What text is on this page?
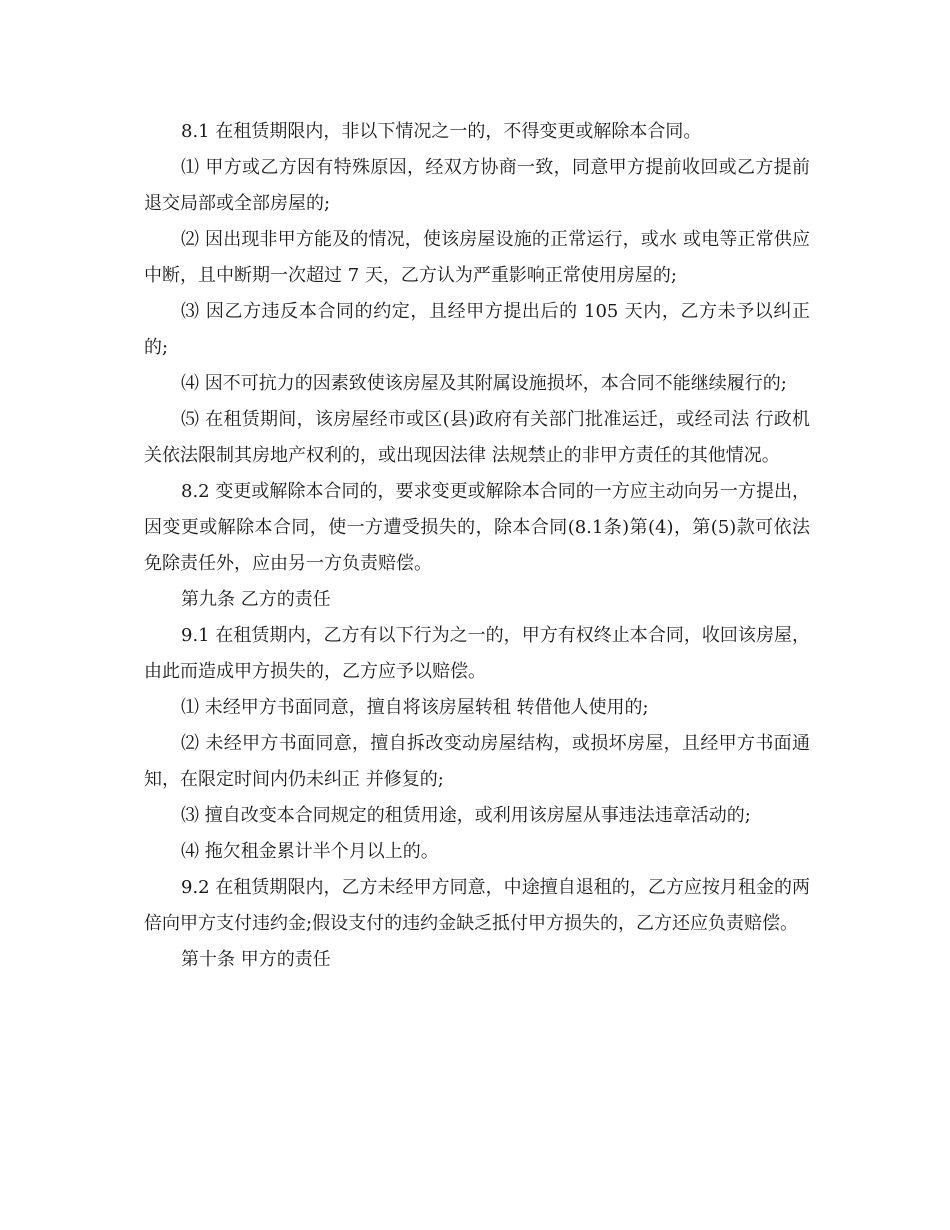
8.1 在租赁期限内，非以下情况之一的，不得变更或解除本合同。

⑴ 甲方或乙方因有特殊原因，经双方协商一致，同意甲方提前收回或乙方提前退交局部或全部房屋的;

⑵ 因出现非甲方能及的情况，使该房屋设施的正常运行，或水 或电等正常供应中断，且中断期一次超过 7 天，乙方认为严重影响正常使用房屋的;

⑶ 因乙方违反本合同的约定，且经甲方提出后的 105 天内，乙方未予以纠正的;

⑷ 因不可抗力的因素致使该房屋及其附属设施损坏，本合同不能继续履行的;

⑸ 在租赁期间，该房屋经市或区(县)政府有关部门批准运迁，或经司法 行政机关依法限制其房地产权利的，或出现因法律 法规禁止的非甲方责任的其他情况。

8.2 变更或解除本合同的，要求变更或解除本合同的一方应主动向另一方提出，因变更或解除本合同，使一方遭受损失的，除本合同(8.1条)第(4)，第(5)款可依法免除责任外，应由另一方负责赔偿。

第九条 乙方的责任

9.1 在租赁期内，乙方有以下行为之一的，甲方有权终止本合同，收回该房屋，由此而造成甲方损失的，乙方应予以赔偿。

⑴ 未经甲方书面同意，擅自将该房屋转租 转借他人使用的;

⑵ 未经甲方书面同意，擅自拆改变动房屋结构，或损坏房屋，且经甲方书面通知，在限定时间内仍未纠正 并修复的;

⑶ 擅自改变本合同规定的租赁用途，或利用该房屋从事违法违章活动的;

⑷ 拖欠租金累计半个月以上的。

9.2 在租赁期限内，乙方未经甲方同意，中途擅自退租的，乙方应按月租金的两倍向甲方支付违约金;假设支付的违约金缺乏抵付甲方损失的，乙方还应负责赔偿。

第十条 甲方的责任
